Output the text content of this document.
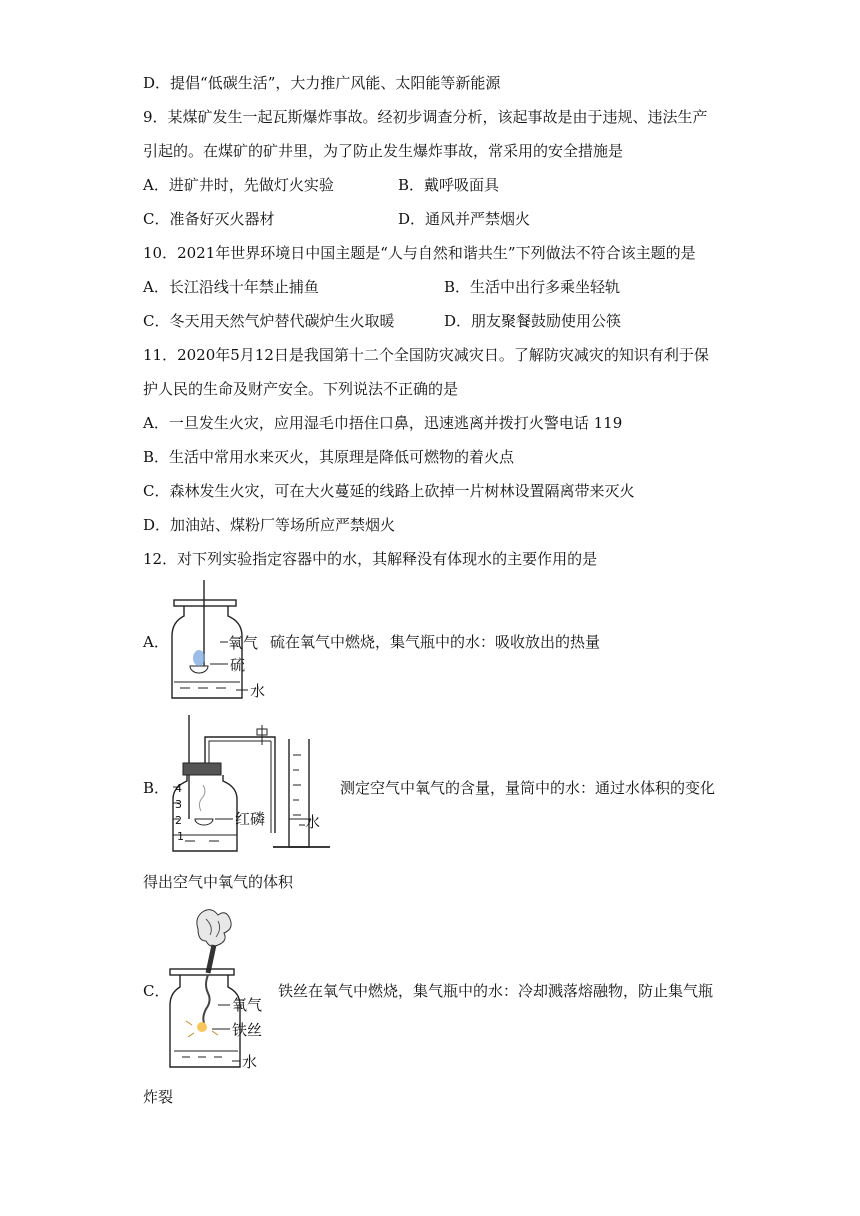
D．提倡“低碳生活”，大力推广风能、太阳能等新能源
9．某煤矿发生一起瓦斯爆炸事故。经初步调查分析，该起事故是由于违规、违法生产
引起的。在煤矿的矿井里，为了防止发生爆炸事故，常采用的安全措施是
A．进矿井时，先做灯火实验	B．戴呼吸面具
C．准备好灭火器材	D．通风并严禁烟火
10．2021年世界环境日中国主题是“人与自然和谐共生”下列做法不符合该主题的是
A．长江沿线十年禁止捕鱼	B．生活中出行多乘坐轻轨
C．冬天用天然气炉替代碳炉生火取暖	D．朋友聚餐鼓励使用公筷
11．2020年5月12日是我国第十二个全国防灾减灾日。了解防灾减灾的知识有利于保
护人民的生命及财产安全。下列说法不正确的是
A．一旦发生火灾，应用湿毛巾捂住口鼻，迅速逃离并拨打火警电话 119
B．生活中常用水来灭火，其原理是降低可燃物的着火点
C．森林发生火灾，可在大火蔓延的线路上砍掉一片树林设置隔离带来灭火
D．加油站、煤粉厂等场所应严禁烟火
12．对下列实验指定容器中的水，其解释没有体现水的主要作用的是
A．	氧气
硫
水
硫在氧气中燃烧，集气瓶中的水：吸收放出的热量
B． 4
3
2
1
红磷	水
测定空气中氧气的含量，量筒中的水：通过水体积的变化
得出空气中氧气的体积
C．
氧气
铁丝
水
铁丝在氧气中燃烧，集气瓶中的水：冷却溅落熔融物，防止集气瓶
炸裂
